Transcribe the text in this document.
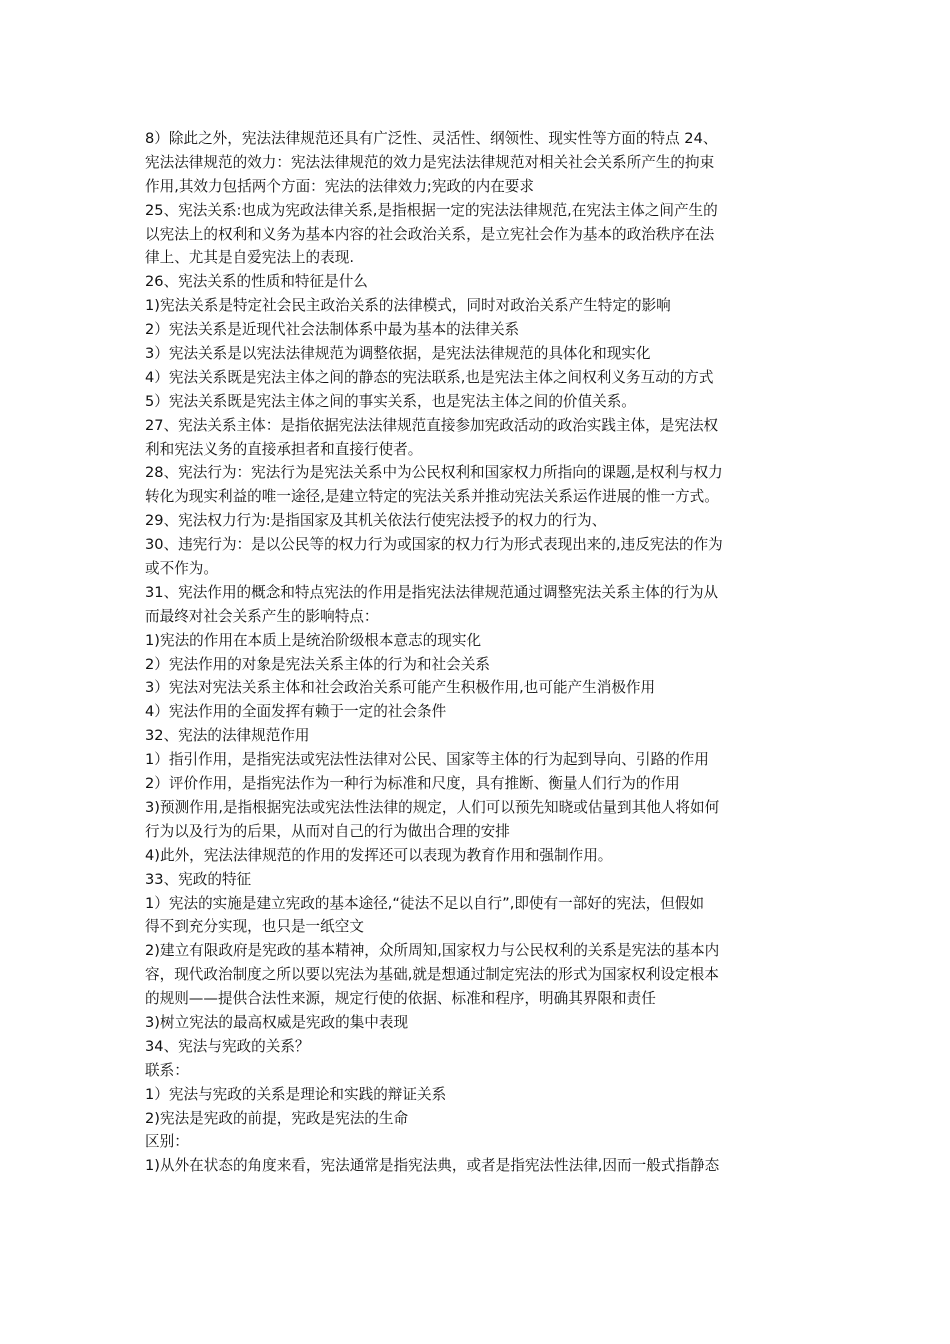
8）除此之外，宪法法律规范还具有广泛性、灵活性、纲领性、现实性等方面的特点 24、
宪法法律规范的效力：宪法法律规范的效力是宪法法律规范对相关社会关系所产生的拘束
作用,其效力包括两个方面：宪法的法律效力;宪政的内在要求
25、宪法关系:也成为宪政法律关系,是指根据一定的宪法法律规范,在宪法主体之间产生的
以宪法上的权利和义务为基本内容的社会政治关系，是立宪社会作为基本的政治秩序在法
律上、尤其是自爱宪法上的表现.
26、宪法关系的性质和特征是什么
1)宪法关系是特定社会民主政治关系的法律模式，同时对政治关系产生特定的影响
2）宪法关系是近现代社会法制体系中最为基本的法律关系
3）宪法关系是以宪法法律规范为调整依据，是宪法法律规范的具体化和现实化
4）宪法关系既是宪法主体之间的静态的宪法联系,也是宪法主体之间权利义务互动的方式
5）宪法关系既是宪法主体之间的事实关系，也是宪法主体之间的价值关系。
27、宪法关系主体：是指依据宪法法律规范直接参加宪政活动的政治实践主体，是宪法权
利和宪法义务的直接承担者和直接行使者。
28、宪法行为：宪法行为是宪法关系中为公民权利和国家权力所指向的课题,是权利与权力
转化为现实利益的唯一途径,是建立特定的宪法关系并推动宪法关系运作进展的惟一方式。
29、宪法权力行为:是指国家及其机关依法行使宪法授予的权力的行为、
30、违宪行为：是以公民等的权力行为或国家的权力行为形式表现出来的,违反宪法的作为
或不作为。
31、宪法作用的概念和特点宪法的作用是指宪法法律规范通过调整宪法关系主体的行为从
而最终对社会关系产生的影响特点：
1)宪法的作用在本质上是统治阶级根本意志的现实化
2）宪法作用的对象是宪法关系主体的行为和社会关系
3）宪法对宪法关系主体和社会政治关系可能产生积极作用,也可能产生消极作用
4）宪法作用的全面发挥有赖于一定的社会条件
32、宪法的法律规范作用
1）指引作用，是指宪法或宪法性法律对公民、国家等主体的行为起到导向、引路的作用
2）评价作用，是指宪法作为一种行为标准和尺度，具有推断、衡量人们行为的作用
3)预测作用,是指根据宪法或宪法性法律的规定，人们可以预先知晓或估量到其他人将如何
行为以及行为的后果，从而对自己的行为做出合理的安排
4)此外，宪法法律规范的作用的发挥还可以表现为教育作用和强制作用。
33、宪政的特征
1）宪法的实施是建立宪政的基本途径,“徒法不足以自行”,即使有一部好的宪法，但假如
得不到充分实现，也只是一纸空文
2)建立有限政府是宪政的基本精神，众所周知,国家权力与公民权利的关系是宪法的基本内
容，现代政治制度之所以要以宪法为基础,就是想通过制定宪法的形式为国家权利设定根本
的规则——提供合法性来源，规定行使的依据、标准和程序，明确其界限和责任
3)树立宪法的最高权威是宪政的集中表现
34、宪法与宪政的关系？
联系：
1）宪法与宪政的关系是理论和实践的辩证关系
2)宪法是宪政的前提，宪政是宪法的生命
区别：
1)从外在状态的角度来看，宪法通常是指宪法典，或者是指宪法性法律,因而一般式指静态
